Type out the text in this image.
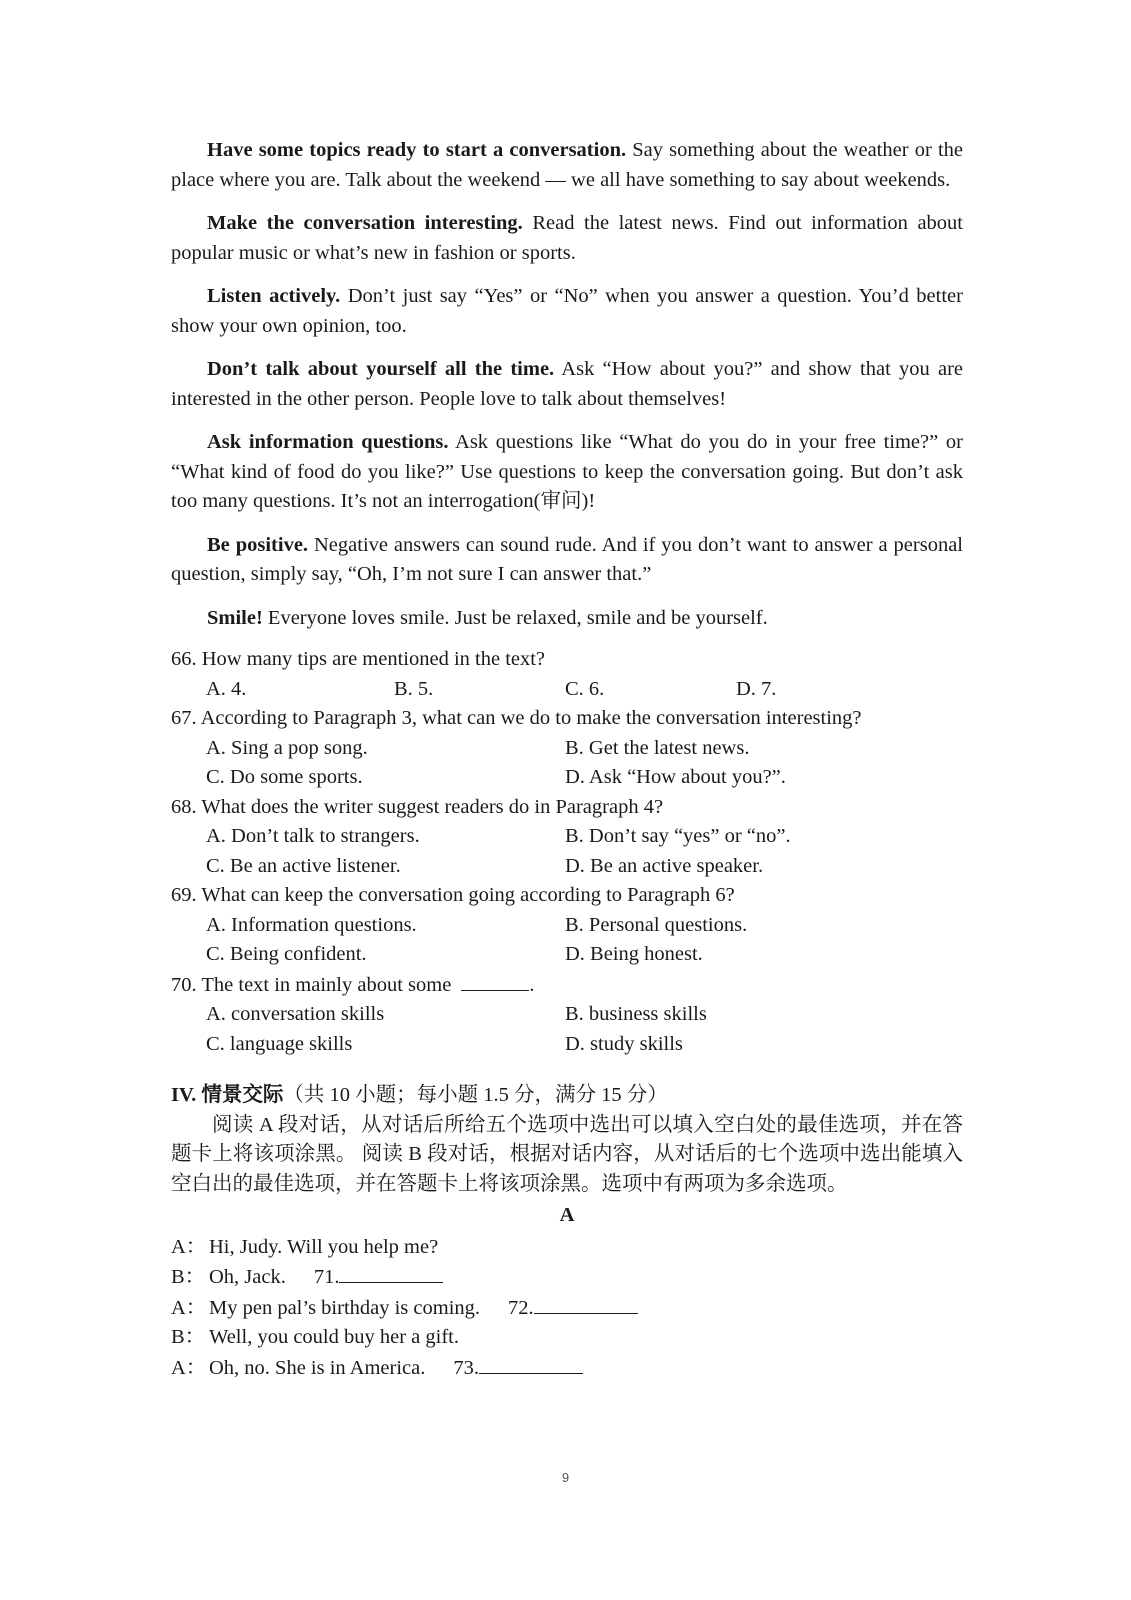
Have some topics ready to start a conversation. Say something about the weather or the place where you are. Talk about the weekend — we all have something to say about weekends.

Make the conversation interesting. Read the latest news. Find out information about popular music or what’s new in fashion or sports.

Listen actively. Don’t just say “Yes” or “No” when you answer a question. You’d better show your own opinion, too.

Don’t talk about yourself all the time. Ask “How about you?” and show that you are interested in the other person. People love to talk about themselves!

Ask information questions. Ask questions like “What do you do in your free time?” or “What kind of food do you like?” Use questions to keep the conversation going. But don’t ask too many questions. It’s not an interrogation(审问)!

Be positive. Negative answers can sound rude. And if you don’t want to answer a personal question, simply say, “Oh, I’m not sure I can answer that.”

Smile! Everyone loves smile. Just be relaxed, smile and be yourself.

66. How many tips are mentioned in the text?

A. 4.	B. 5.	C. 6.	D. 7.

67. According to Paragraph 3, what can we do to make the conversation interesting?

A. Sing a pop song.	B. Get the latest news.
C. Do some sports.	D. Ask “How about you?”.

68. What does the writer suggest readers do in Paragraph 4?

A. Don’t talk to strangers.	B. Don’t say “yes” or “no”.
C. Be an active listener.	D. Be an active speaker.

69. What can keep the conversation going according to Paragraph 6?

A. Information questions.	B. Personal questions.
C. Being confident.	D. Being honest.

70. The text in mainly about some	.

A. conversation skills	B. business skills
C. language skills	D. study skills
IV. 情景交际（共 10 小题；每小题 1.5 分，满分 15 分）

阅读 A 段对话，从对话后所给五个选项中选出可以填入空白处的最佳选项，并在答题卡上将该项涂黑。 阅读 B 段对话，根据对话内容，从对话后的七个选项中选出能填入空白出的最佳选项，并在答题卡上将该项涂黑。选项中有两项为多余选项。

A

A： Hi, Judy. Will you help me?

B： Oh, Jack. 71.

A： My pen pal’s birthday is coming. 72.

B： Well, you could buy her a gift.

A： Oh, no. She is in America. 73.

9
